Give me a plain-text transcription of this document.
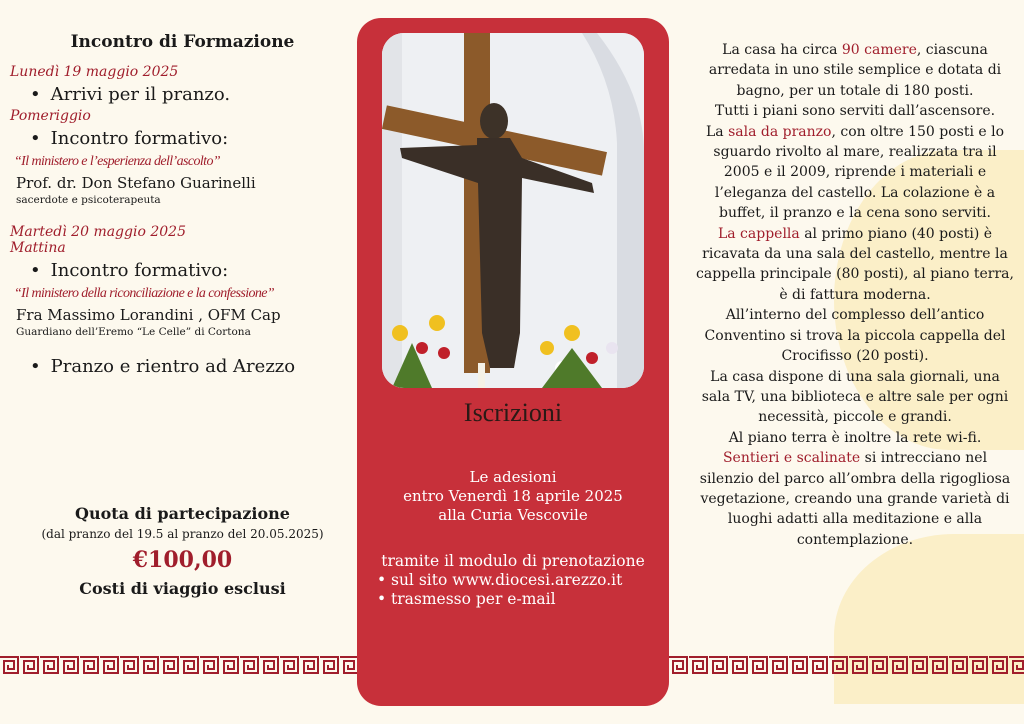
Incontro di Formazione

Lunedì 19 maggio 2025

• Arrivi per il pranzo.

Pomeriggio

• Incontro formativo:
“Il ministero e l’esperienza dell’ascolto”
Prof. dr. Don Stefano Guarinelli
sacerdote e psicoterapeuta

Martedì 20 maggio 2025

Mattina

• Incontro formativo:
“Il ministero della riconciliazione e la confessione”
Fra Massimo Lorandini , OFM Cap
Guardiano dell’Eremo “Le Celle” di Cortona
• Pranzo e rientro ad Arezzo
Quota di partecipazione
(dal pranzo del 19.5 al pranzo del 20.05.2025)
€100,00
Costi di viaggio esclusi
Iscrizioni
Le adesioni
entro Venerdì 18 aprile 2025
alla Curia Vescovile
tramite il modulo di prenotazione
• sul sito www.diocesi.arezzo.it
• trasmesso per e-mail
La casa ha circa 90 camere, ciascuna arredata in uno stile semplice e dotata di bagno, per un totale di 180 posti.
Tutti i piani sono serviti dall’ascensore.
La sala da pranzo, con oltre 150 posti e lo sguardo rivolto al mare, realizzata tra il 2005 e il 2009, riprende i materiali e l’eleganza del castello. La colazione è a buffet, il pranzo e la cena sono serviti.
La cappella al primo piano (40 posti) è ricavata da una sala del castello, mentre la cappella principale (80 posti), al piano terra, è di fattura moderna.
All’interno del complesso dell’antico Conventino si trova la piccola cappella del Crocifisso (20 posti).
La casa dispone di una sala giornali, una sala TV, una biblioteca e altre sale per ogni necessità, piccole e grandi.
Al piano terra è inoltre la rete wi-fi.
Sentieri e scalinate si intrecciano nel silenzio del parco all’ombra della rigogliosa vegetazione, creando una grande varietà di luoghi adatti alla meditazione e alla contemplazione.
